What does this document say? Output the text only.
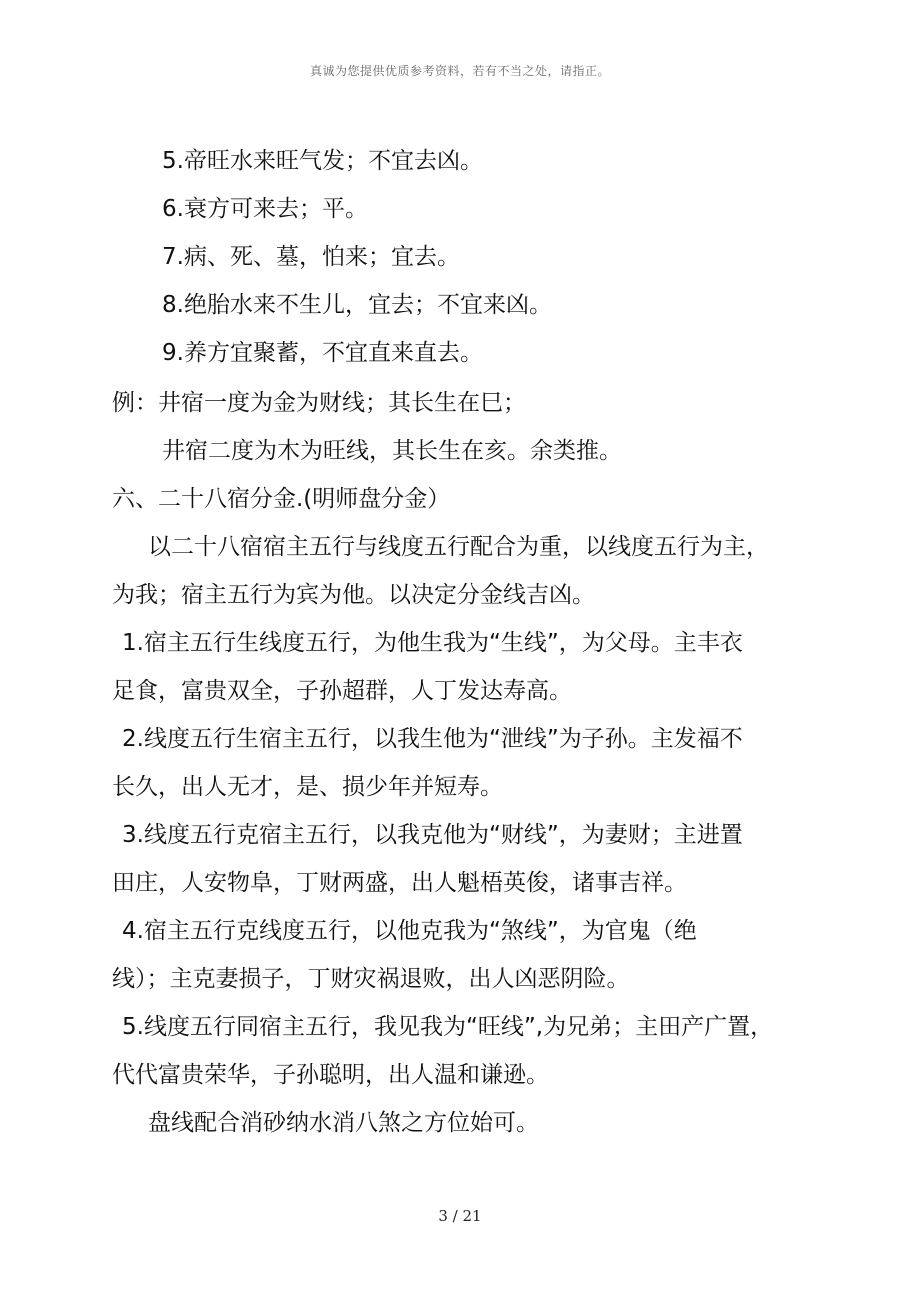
真诚为您提供优质参考资料，若有不当之处，请指正。
5.帝旺水来旺气发；不宜去凶。
6.衰方可来去；平。
7.病、死、墓，怕来；宜去。
8.绝胎水来不生儿，宜去；不宜来凶。
9.养方宜聚蓄，不宜直来直去。
例：井宿一度为金为财线；其长生在巳；
井宿二度为木为旺线，其长生在亥。余类推。
六、二十八宿分金.(明师盘分金）
以二十八宿宿主五行与线度五行配合为重，以线度五行为主，
为我；宿主五行为宾为他。以决定分金线吉凶。
1.宿主五行生线度五行，为他生我为“生线”，为父母。主丰衣
足食，富贵双全，子孙超群，人丁发达寿高。
2.线度五行生宿主五行，以我生他为“泄线”为子孙。主发福不
长久，出人无才，是、损少年并短寿。
3.线度五行克宿主五行，以我克他为“财线”，为妻财；主进置
田庄，人安物阜，丁财两盛，出人魁梧英俊，诸事吉祥。
4.宿主五行克线度五行，以他克我为“煞线”，为官鬼（绝
线）；主克妻损子，丁财灾祸退败，出人凶恶阴险。
5.线度五行同宿主五行，我见我为“旺线”,为兄弟；主田产广置，
代代富贵荣华，子孙聪明，出人温和谦逊。
盘线配合消砂纳水消八煞之方位始可。
3 / 21
